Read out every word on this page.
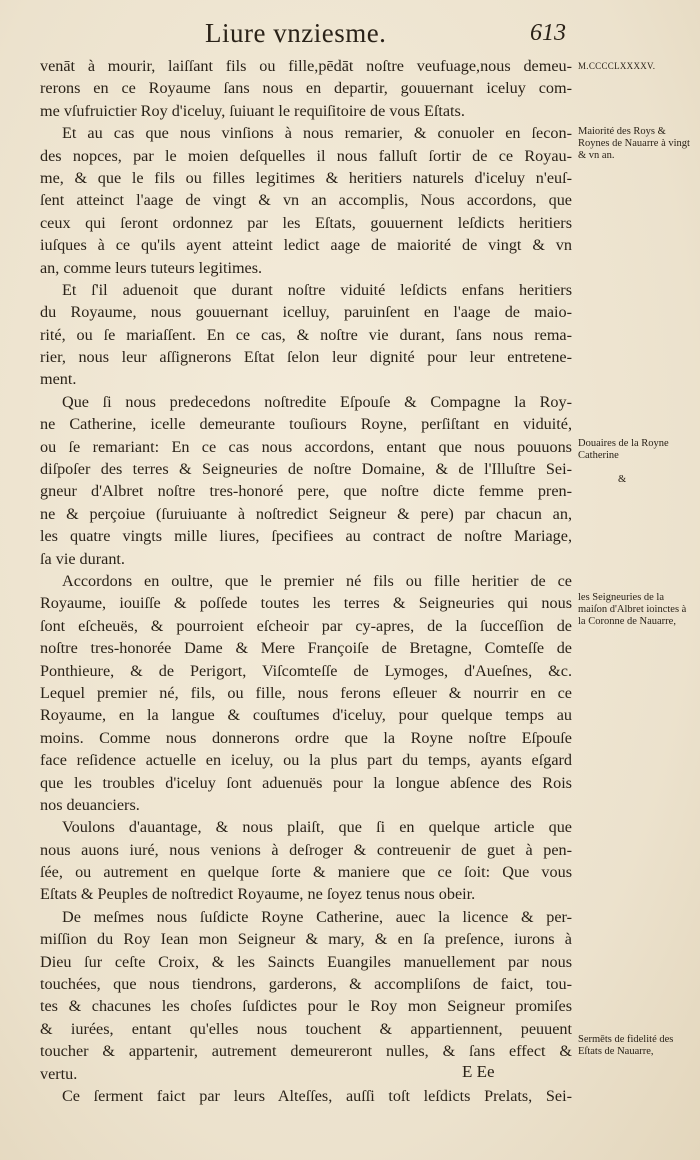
Liure vnziesme.	613
venāt à mourir, laiſſant fils ou fille,pēdāt noſtre veufuage,nous demeu-
rerons en ce Royaume ſans nous en departir, gouuernant iceluy com-
me vſufruictier Roy d'iceluy, ſuiuant le requiſitoire de vous Eſtats.
Et au cas que nous vinſions à nous remarier, & conuoler en ſecon-
des nopces, par le moien deſquelles il nous falluſt ſortir de ce Royau-
me, & que le fils ou filles legitimes & heritiers naturels d'iceluy n'euſ-
ſent atteinct l'aage de vingt & vn an accomplis, Nous accordons, que
ceux qui ſeront ordonnez par les Eſtats, gouuernent leſdicts heritiers
iuſques à ce qu'ils ayent atteint ledict aage de maiorité de vingt & vn
an, comme leurs tuteurs legitimes.
Et ſ'il aduenoit que durant noſtre viduité leſdicts enfans heritiers
du Royaume, nous gouuernant icelluy, paruinſent en l'aage de maio-
rité, ou ſe mariaſſent. En ce cas, & noſtre vie durant, ſans nous rema-
rier, nous leur aſſignerons Eſtat ſelon leur dignité pour leur entretene-
ment.
Que ſi nous predecedons noſtredite Eſpouſe & Compagne la Roy-
ne Catherine, icelle demeurante touſiours Royne, perſiſtant en viduité,
ou ſe remariant: En ce cas nous accordons, entant que nous pouuons
diſpoſer des terres & Seigneuries de noſtre Domaine, & de l'Illuſtre Sei-
gneur d'Albret noſtre tres-honoré pere, que noſtre dicte femme pren-
ne & perçoiue (ſuruiuante à noſtredict Seigneur & pere) par chacun an,
les quatre vingts mille liures, ſpecifiees au contract de noſtre Mariage,
ſa vie durant.
Accordons en oultre, que le premier né fils ou fille heritier de ce
Royaume, iouiſſe & poſſede toutes les terres & Seigneuries qui nous
ſont eſcheuës, & pourroient eſcheoir par cy-apres, de la ſucceſſion de
noſtre tres-honorée Dame & Mere Françoiſe de Bretagne, Comteſſe de
Ponthieure, & de Perigort, Viſcomteſſe de Lymoges, d'Aueſnes, &c.
Lequel premier né, fils, ou fille, nous ferons eſleuer & nourrir en ce
Royaume, en la langue & couſtumes d'iceluy, pour quelque temps au
moins. Comme nous donnerons ordre que la Royne noſtre Eſpouſe
face reſidence actuelle en iceluy, ou la plus part du temps, ayants eſgard
que les troubles d'iceluy ſont aduenuës pour la longue abſence des Rois
nos deuanciers.
Voulons d'auantage, & nous plaiſt, que ſi en quelque article que
nous auons iuré, nous venions à deſroger & contreuenir de guet à pen-
ſée, ou autrement en quelque ſorte & maniere que ce ſoit: Que vous
Eſtats & Peuples de noſtredict Royaume, ne ſoyez tenus nous obeir.
De meſmes nous ſuſdicte Royne Catherine, auec la licence & per-
miſſion du Roy Iean mon Seigneur & mary, & en ſa preſence, iurons à
Dieu ſur ceſte Croix, & les Saincts Euangiles manuellement par nous
touchées, que nous tiendrons, garderons, & accompliſons de faict, tou-
tes & chacunes les choſes ſuſdictes pour le Roy mon Seigneur promiſes
& iurées, entant qu'elles nous touchent & appartiennent, peuuent
toucher & appartenir, autrement demeureront nulles, & ſans effect &
vertu.
Ce ſerment faict par leurs Alteſſes, auſſi toſt leſdicts Prelats, Sei-
M.CCCCLXXXXV.
Maiorité des Roys & Roynes de Nauarre à vingt & vn an.
Douaires de la Royne Catherine
&
les Seigneuries de la maiſon d'Albret ioinctes à la Coronne de Nauarre,
Sermēts de fidelité des Eſtats de Nauarre,
E Ee
